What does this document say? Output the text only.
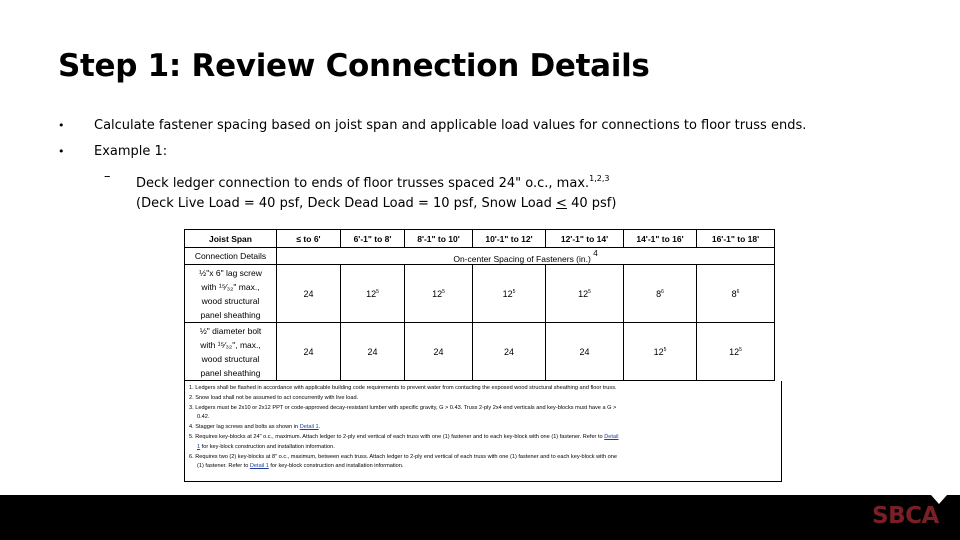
Step 1: Review Connection Details
• Calculate fastener spacing based on joist span and applicable load values for connections to floor truss ends.
• Example 1:
– Deck ledger connection to ends of floor trusses spaced 24" o.c., max.$^{1,2,3}$
(Deck Live Load = 40 psf, Deck Dead Load = 10 psf, Snow Load < 40 psf)
Joist Span	≤ to 6'	6'-1" to 8'	8'-1" to 10'	10'-1" to 12'	12'-1" to 14'	14'-1" to 16'	16'-1" to 18'
Connection Details	On-center Spacing of Fasteners (in.) $^4$

½"x 6" lag screw
with ¹⁵⁄₃₂" max.,
wood structural
panel sheathing	24	$12^5$	$12^5$	$12^5$	$12^5$	$8^6$	$8^6$

½" diameter bolt
with ¹⁵⁄₃₂", max.,
wood structural
panel sheathing	24	24	24	24	24	$12^5$	$12^5$
1. Ledgers shall be flashed in accordance with applicable building code requirements to prevent water from contacting the exposed wood structural sheathing and floor truss.
2. Snow load shall not be assumed to act concurrently with live load.
3. Ledgers must be 2x10 or 2x12 PPT or code-approved decay-resistant lumber with specific gravity, G > 0.43. Truss 2-ply 2x4 end verticals and key-blocks must have a G >
0.42.
4. Stagger lag screws and bolts as shown in Detail 1.
5. Requires key-blocks at 24" o.c., maximum. Attach ledger to 2-ply end vertical of each truss with one (1) fastener and to each key-block with one (1) fastener. Refer to Detail
1 for key-block construction and installation information.
6. Requires two (2) key-blocks at 8" o.c., maximum, between each truss. Attach ledger to 2-ply end vertical of each truss with one (1) fastener and to each key-block with one
(1) fastener. Refer to Detail 1 for key-block construction and installation information.
SBCA
